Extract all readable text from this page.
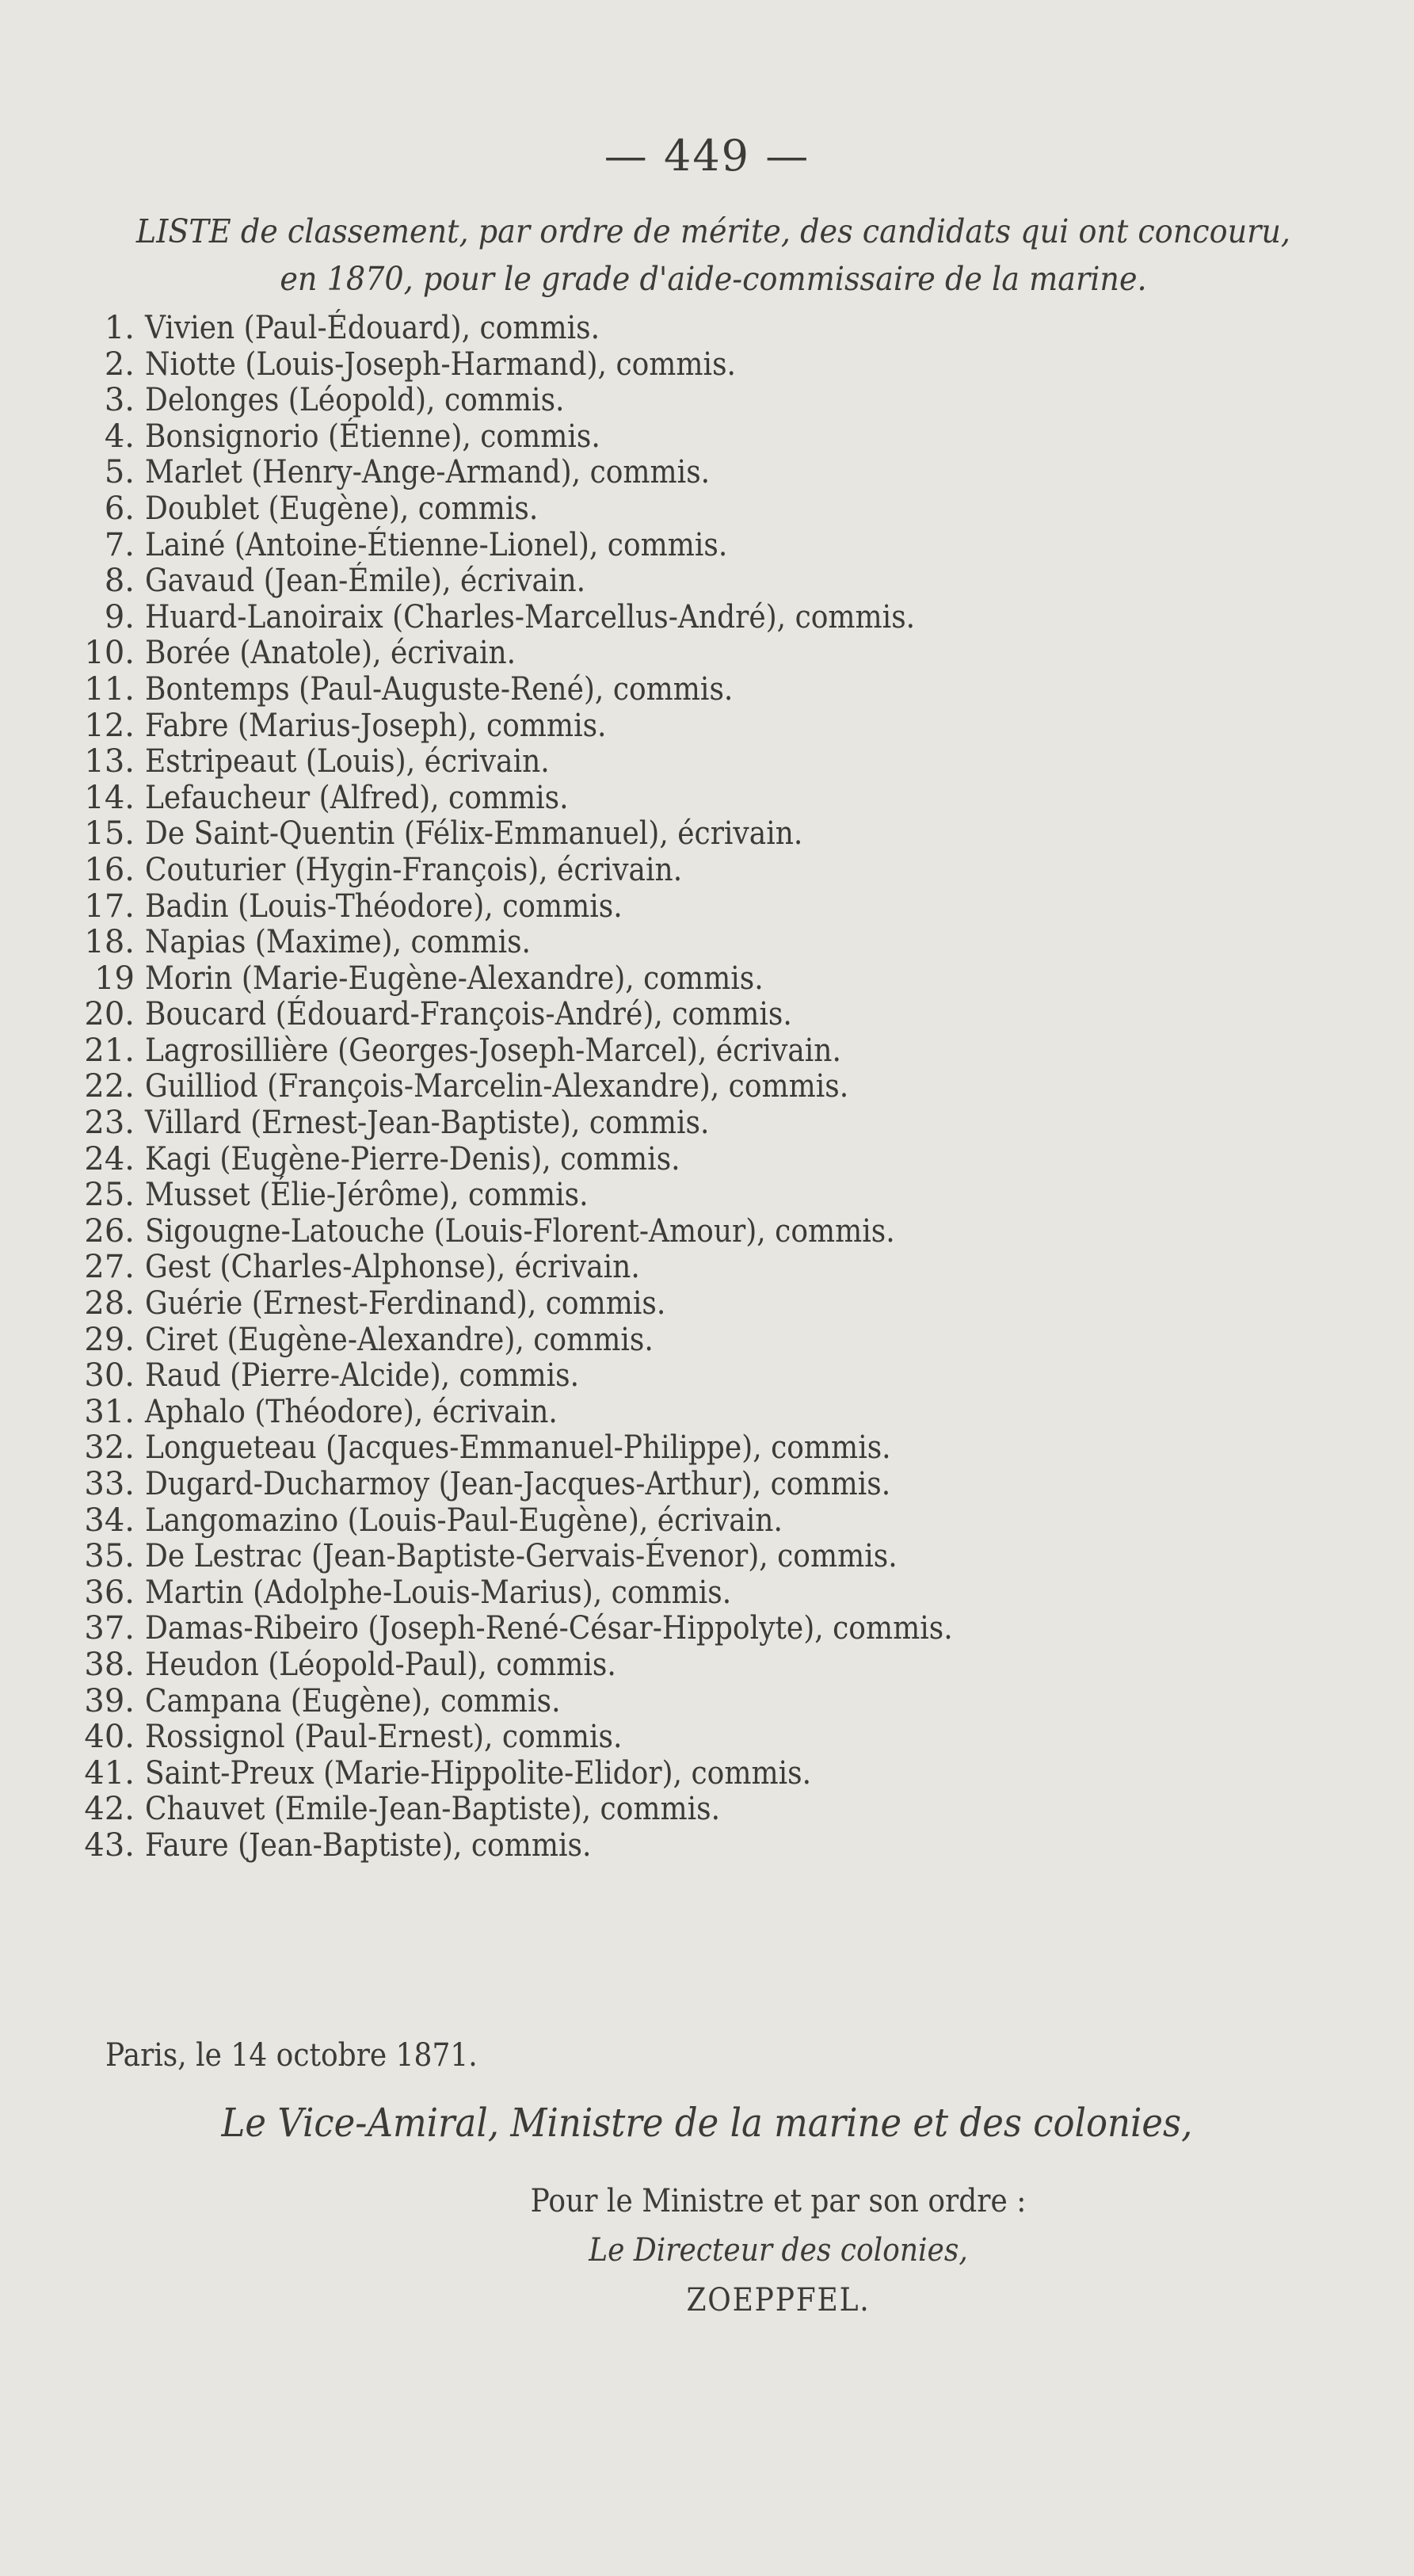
— 449 —
LISTE de classement, par ordre de mérite, des candidats qui ont concouru,
en 1870, pour le grade d'aide-commissaire de la marine.
1. Vivien (Paul-Édouard), commis.
2. Niotte (Louis-Joseph-Harmand), commis.
3. Delonges (Léopold), commis.
4. Bonsignorio (Étienne), commis.
5. Marlet (Henry-Ange-Armand), commis.
6. Doublet (Eugène), commis.
7. Lainé (Antoine-Étienne-Lionel), commis.
8. Gavaud (Jean-Émile), écrivain.
9. Huard-Lanoiraix (Charles-Marcellus-André), commis.
10. Borée (Anatole), écrivain.
11. Bontemps (Paul-Auguste-René), commis.
12. Fabre (Marius-Joseph), commis.
13. Estripeaut (Louis), écrivain.
14. Lefaucheur (Alfred), commis.
15. De Saint-Quentin (Félix-Emmanuel), écrivain.
16. Couturier (Hygin-François), écrivain.
17. Badin (Louis-Théodore), commis.
18. Napias (Maxime), commis.
19 Morin (Marie-Eugène-Alexandre), commis.
20. Boucard (Édouard-François-André), commis.
21. Lagrosillière (Georges-Joseph-Marcel), écrivain.
22. Guilliod (François-Marcelin-Alexandre), commis.
23. Villard (Ernest-Jean-Baptiste), commis.
24. Kagi (Eugène-Pierre-Denis), commis.
25. Musset (Élie-Jérôme), commis.
26. Sigougne-Latouche (Louis-Florent-Amour), commis.
27. Gest (Charles-Alphonse), écrivain.
28. Guérie (Ernest-Ferdinand), commis.
29. Ciret (Eugène-Alexandre), commis.
30. Raud (Pierre-Alcide), commis.
31. Aphalo (Théodore), écrivain.
32. Longueteau (Jacques-Emmanuel-Philippe), commis.
33. Dugard-Ducharmoy (Jean-Jacques-Arthur), commis.
34. Langomazino (Louis-Paul-Eugène), écrivain.
35. De Lestrac (Jean-Baptiste-Gervais-Évenor), commis.
36. Martin (Adolphe-Louis-Marius), commis.
37. Damas-Ribeiro (Joseph-René-César-Hippolyte), commis.
38. Heudon (Léopold-Paul), commis.
39. Campana (Eugène), commis.
40. Rossignol (Paul-Ernest), commis.
41. Saint-Preux (Marie-Hippolite-Elidor), commis.
42. Chauvet (Emile-Jean-Baptiste), commis.
43. Faure (Jean-Baptiste), commis.
Paris, le 14 octobre 1871.
Le Vice-Amiral, Ministre de la marine et des colonies,
Pour le Ministre et par son ordre :
Le Directeur des colonies,
ZOEPPFEL.
